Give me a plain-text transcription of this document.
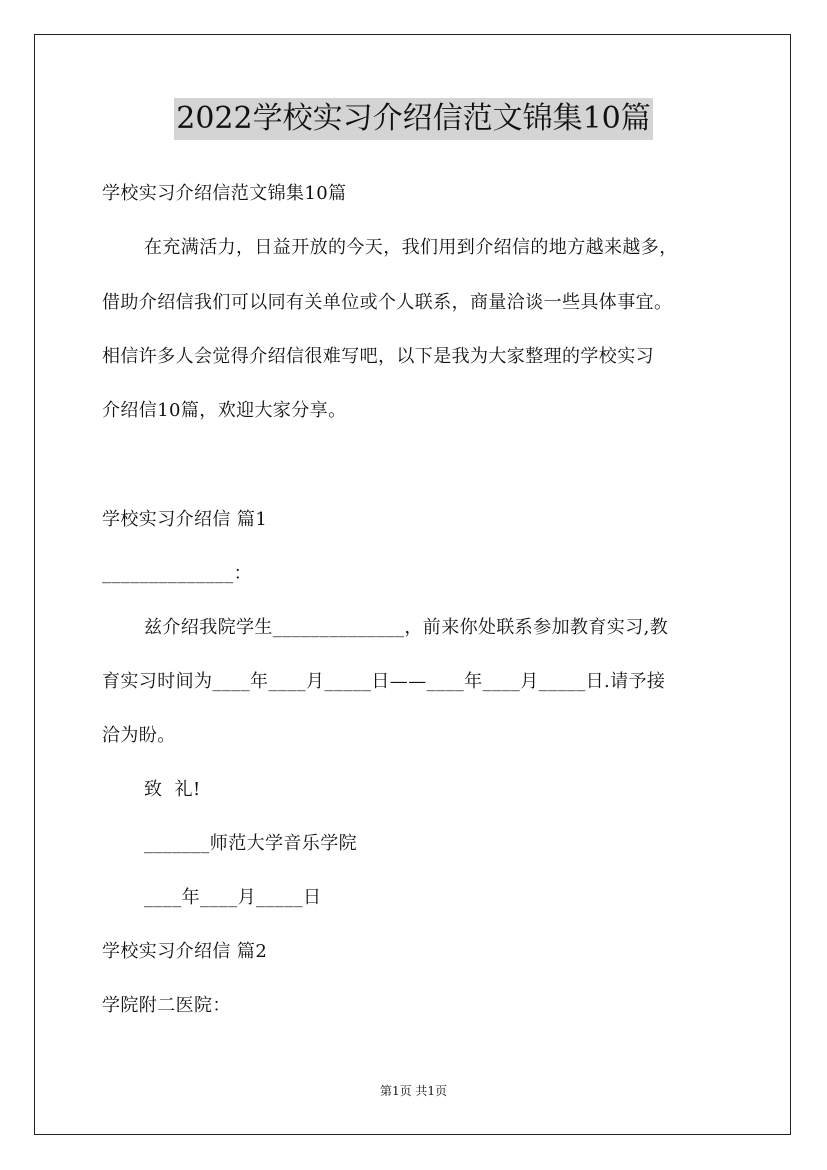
2022学校实习介绍信范文锦集10篇
学校实习介绍信范文锦集10篇
在充满活力，日益开放的今天，我们用到介绍信的地方越来越多，
借助介绍信我们可以同有关单位或个人联系，商量洽谈一些具体事宜。
相信许多人会觉得介绍信很难写吧，以下是我为大家整理的学校实习
介绍信10篇，欢迎大家分享。
学校实习介绍信 篇1
______________：
兹介绍我院学生______________，前来你处联系参加教育实习,教
育实习时间为____年____月_____日——____年____月_____日.请予接
洽为盼。
致  礼!
_______师范大学音乐学院
____年____月_____日
学校实习介绍信 篇2
学院附二医院：
第1页 共1页
